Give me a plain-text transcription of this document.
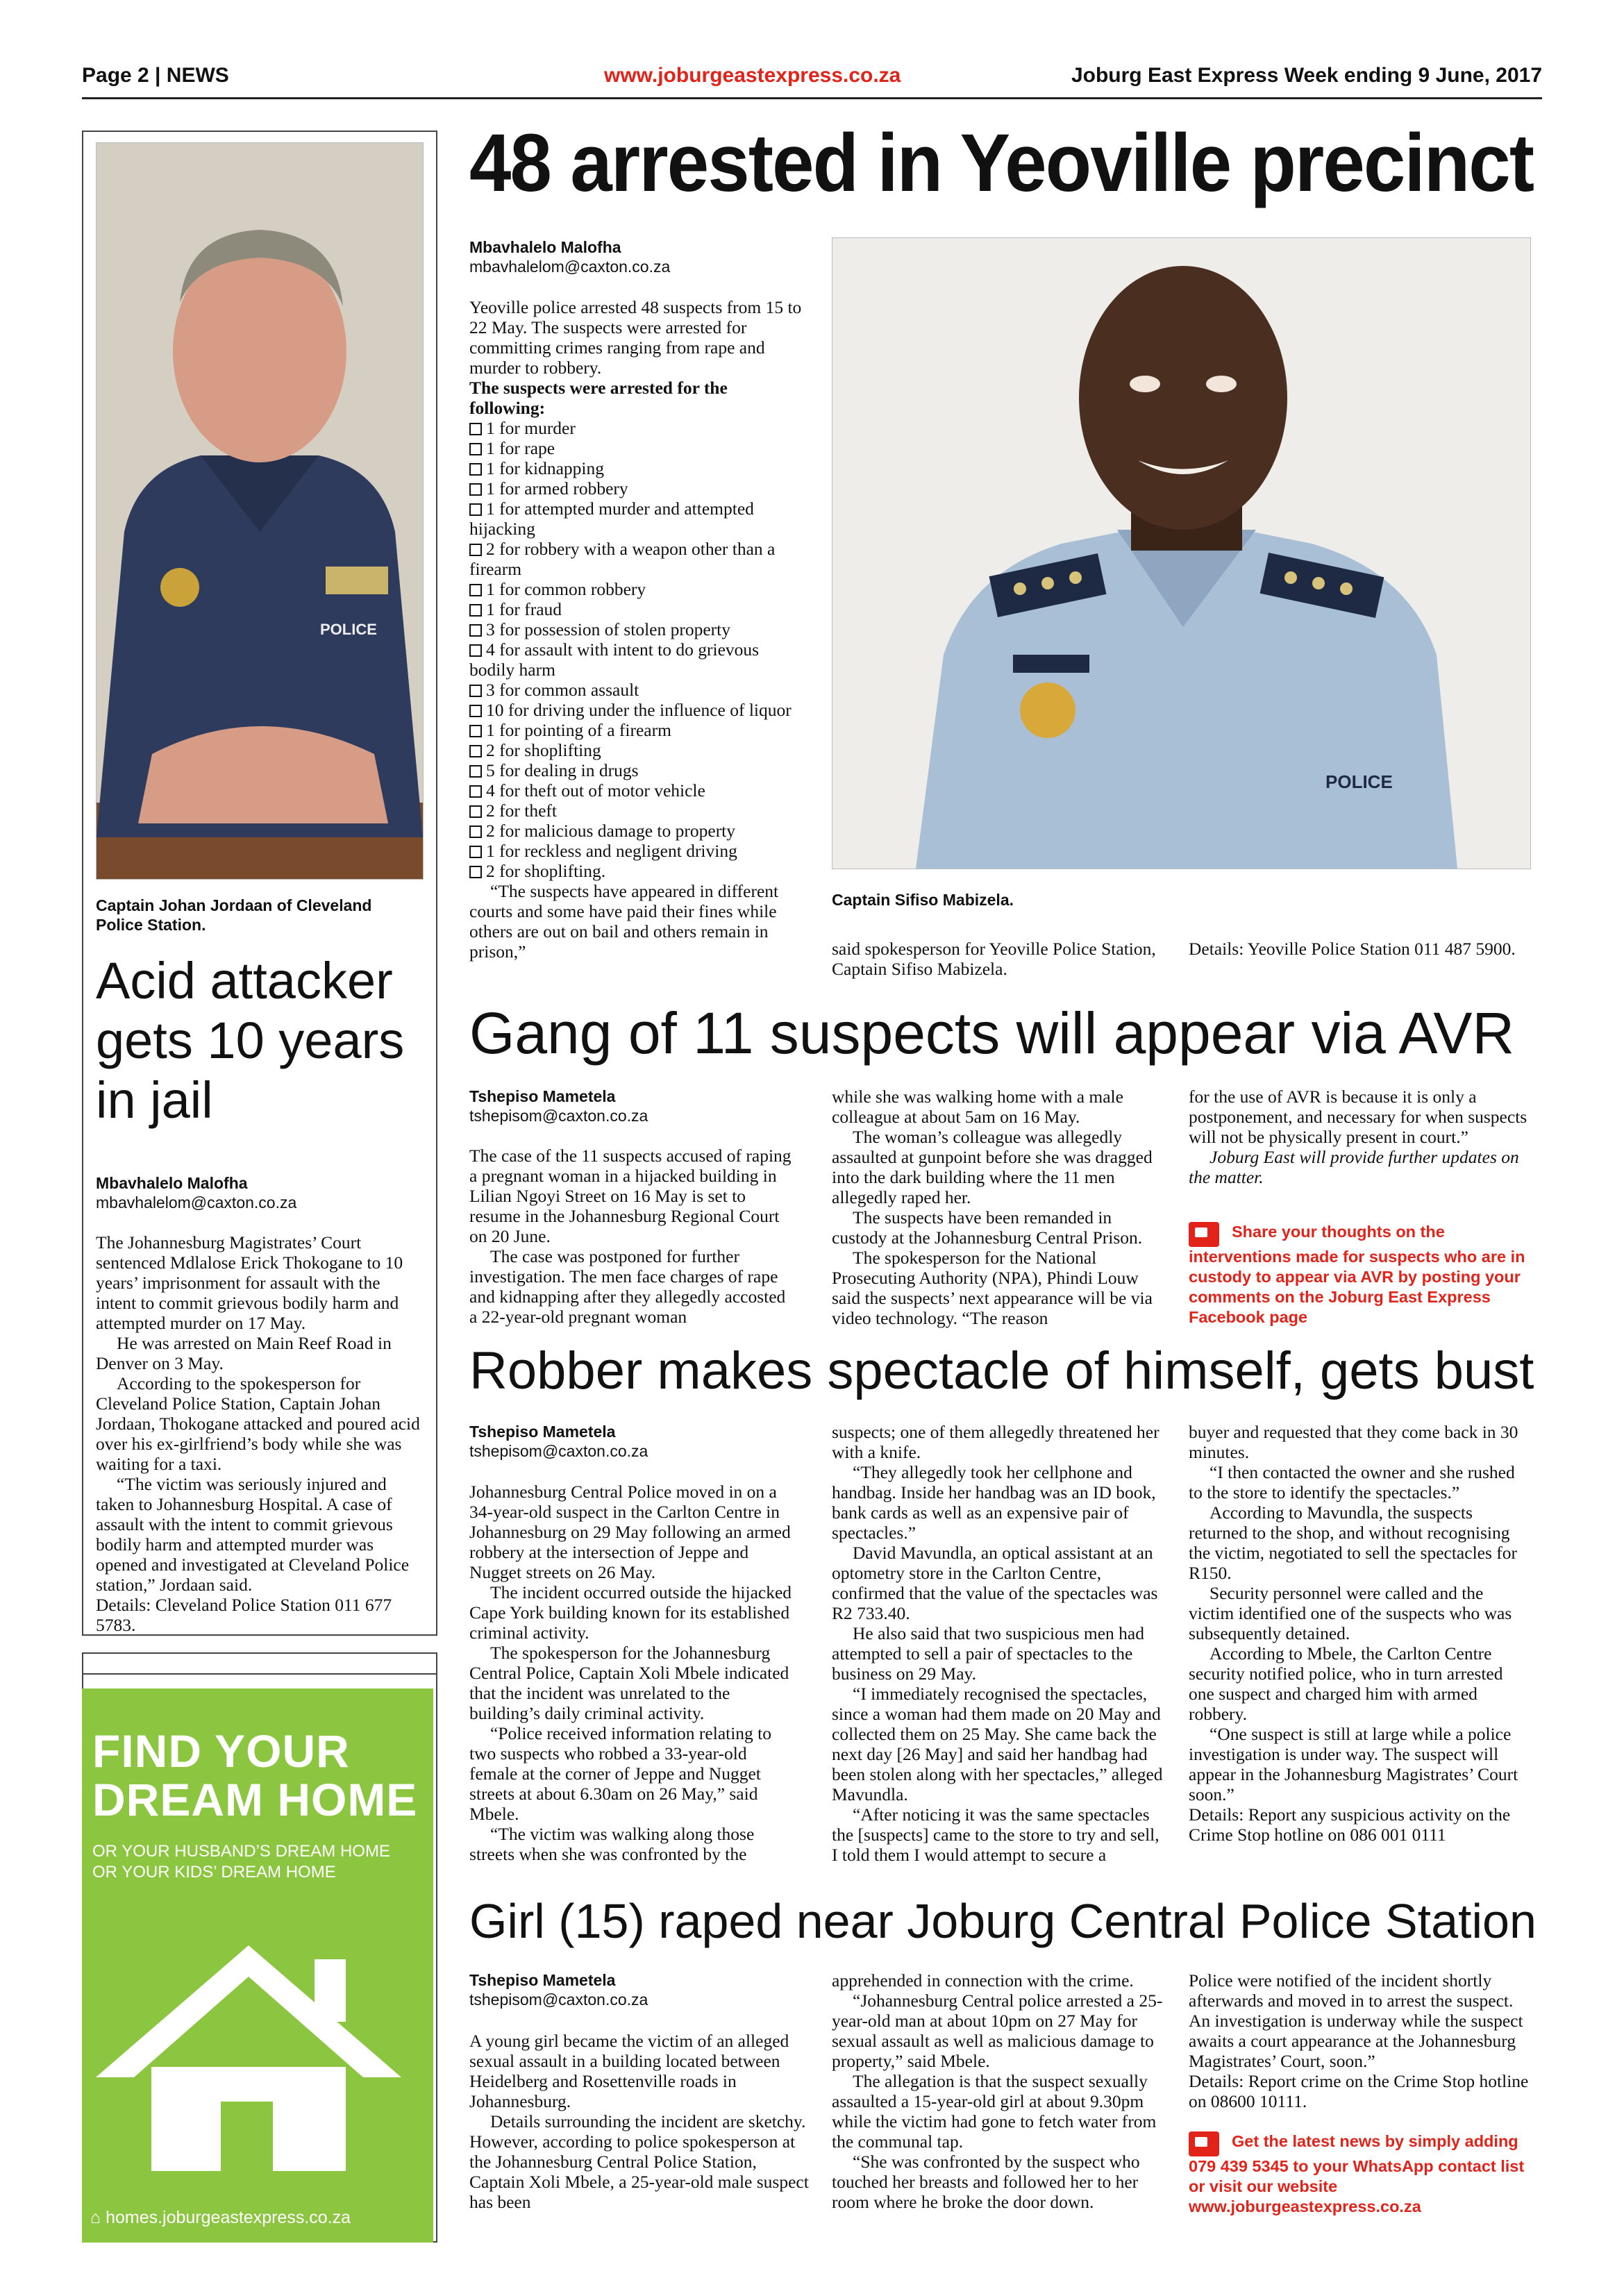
Page 2 | NEWS	www.joburgeastexpress.co.za	Joburg East Express Week ending 9 June, 2017
POLICE
Captain Johan Jordaan of Cleveland Police Station.
Acid attacker gets 10 years in jail
Mbavhalelo Malofha
mbavhalelom@caxton.co.za

The Johannesburg Magistrates’ Court sentenced Mdlalose Erick Thokogane to 10 years’ imprisonment for assault with the intent to commit grievous bodily harm and attempted murder on 17 May.

He was arrested on Main Reef Road in Denver on 3 May.

According to the spokesperson for Cleveland Police Station, Captain Johan Jordaan, Thokogane attacked and poured acid over his ex-girlfriend’s body while she was waiting for a taxi.

“The victim was seriously injured and taken to Johannesburg Hospital. A case of assault with the intent to commit grievous bodily harm and attempted murder was opened and investigated at Cleveland Police station,” Jordaan said.

Details: Cleveland Police Station 011 677 5783.

FIND YOUR
DREAM HOME
OR YOUR HUSBAND’S DREAM HOME
OR YOUR KIDS’ DREAM HOME
⌂ homes.joburgeastexpress.co.za
48 arrested in Yeoville precinct
Mbavhalelo Malofha
mbavhalelom@caxton.co.za

Yeoville police arrested 48 suspects from 15 to 22 May. The suspects were arrested for committing crimes ranging from rape and murder to robbery.

The suspects were arrested for the following:

1 for murder
1 for rape
1 for kidnapping
1 for armed robbery
1 for attempted murder and attempted hijacking
2 for robbery with a weapon other than a firearm
1 for common robbery
1 for fraud
3 for possession of stolen property
4 for assault with intent to do grievous bodily harm
3 for common assault
10 for driving under the influence of liquor
1 for pointing of a firearm
2 for shoplifting
5 for dealing in drugs
4 for theft out of motor vehicle
2 for theft
2 for malicious damage to property
1 for reckless and negligent driving
2 for shoplifting.

“The suspects have appeared in different courts and some have paid their fines while others are out on bail and others remain in prison,”

POLICE
Captain Sifiso Mabizela.
said spokesperson for Yeoville Police Station, Captain Sifiso Mabizela.
Details: Yeoville Police Station 011 487 5900.
Gang of 11 suspects will appear via AVR
Tshepiso Mametela
tshepisom@caxton.co.za

The case of the 11 suspects accused of raping a pregnant woman in a hijacked building in Lilian Ngoyi Street on 16 May is set to resume in the Johannesburg Regional Court on 20 June.

The case was postponed for further investigation. The men face charges of rape and kidnapping after they allegedly accosted a 22-year-old pregnant woman

while she was walking home with a male colleague at about 5am on 16 May.

The woman’s colleague was allegedly assaulted at gunpoint before she was dragged into the dark building where the 11 men allegedly raped her.

The suspects have been remanded in custody at the Johannesburg Central Prison.

The spokesperson for the National Prosecuting Authority (NPA), Phindi Louw said the suspects’ next appearance will be via video technology. “The reason

for the use of AVR is because it is only a postponement, and necessary for when suspects will not be physically present in court.”

Joburg East will provide further updates on the matter.

Share your thoughts on the interventions made for suspects who are in custody to appear via AVR by posting your comments on the Joburg East Express Facebook page
Robber makes spectacle of himself, gets bust
Tshepiso Mametela
tshepisom@caxton.co.za

Johannesburg Central Police moved in on a 34-year-old suspect in the Carlton Centre in Johannesburg on 29 May following an armed robbery at the intersection of Jeppe and Nugget streets on 26 May.

The incident occurred outside the hijacked Cape York building known for its established criminal activity.

The spokesperson for the Johannesburg Central Police, Captain Xoli Mbele indicated that the incident was unrelated to the building’s daily criminal activity.

“Police received information relating to two suspects who robbed a 33-year-old female at the corner of Jeppe and Nugget streets at about 6.30am on 26 May,” said Mbele.

“The victim was walking along those streets when she was confronted by the

suspects; one of them allegedly threatened her with a knife.

“They allegedly took her cellphone and handbag. Inside her handbag was an ID book, bank cards as well as an expensive pair of spectacles.”

David Mavundla, an optical assistant at an optometry store in the Carlton Centre, confirmed that the value of the spectacles was R2 733.40.

He also said that two suspicious men had attempted to sell a pair of spectacles to the business on 29 May.

“I immediately recognised the spectacles, since a woman had them made on 20 May and collected them on 25 May. She came back the next day [26 May] and said her handbag had been stolen along with her spectacles,” alleged Mavundla.

“After noticing it was the same spectacles the [suspects] came to the store to try and sell, I told them I would attempt to secure a

buyer and requested that they come back in 30 minutes.

“I then contacted the owner and she rushed to the store to identify the spectacles.”

According to Mavundla, the suspects returned to the shop, and without recognising the victim, negotiated to sell the spectacles for R150.

Security personnel were called and the victim identified one of the suspects who was subsequently detained.

According to Mbele, the Carlton Centre security notified police, who in turn arrested one suspect and charged him with armed robbery.

“One suspect is still at large while a police investigation is under way. The suspect will appear in the Johannesburg Magistrates’ Court soon.”

Details: Report any suspicious activity on the Crime Stop hotline on 086 001 0111

Girl (15) raped near Joburg Central Police Station
Tshepiso Mametela
tshepisom@caxton.co.za

A young girl became the victim of an alleged sexual assault in a building located between Heidelberg and Rosettenville roads in Johannesburg.

Details surrounding the incident are sketchy. However, according to police spokesperson at the Johannesburg Central Police Station, Captain Xoli Mbele, a 25-year-old male suspect has been

apprehended in connection with the crime.

“Johannesburg Central police arrested a 25-year-old man at about 10pm on 27 May for sexual assault as well as malicious damage to property,” said Mbele.

The allegation is that the suspect sexually assaulted a 15-year-old girl at about 9.30pm while the victim had gone to fetch water from the communal tap.

“She was confronted by the suspect who touched her breasts and followed her to her room where he broke the door down.

Police were notified of the incident shortly afterwards and moved in to arrest the suspect. An investigation is underway while the suspect awaits a court appearance at the Johannesburg Magistrates’ Court, soon.”

Details: Report crime on the Crime Stop hotline on 08600 10111.

Get the latest news by simply adding 079 439 5345 to your WhatsApp contact list or visit our website www.joburgeastexpress.co.za
